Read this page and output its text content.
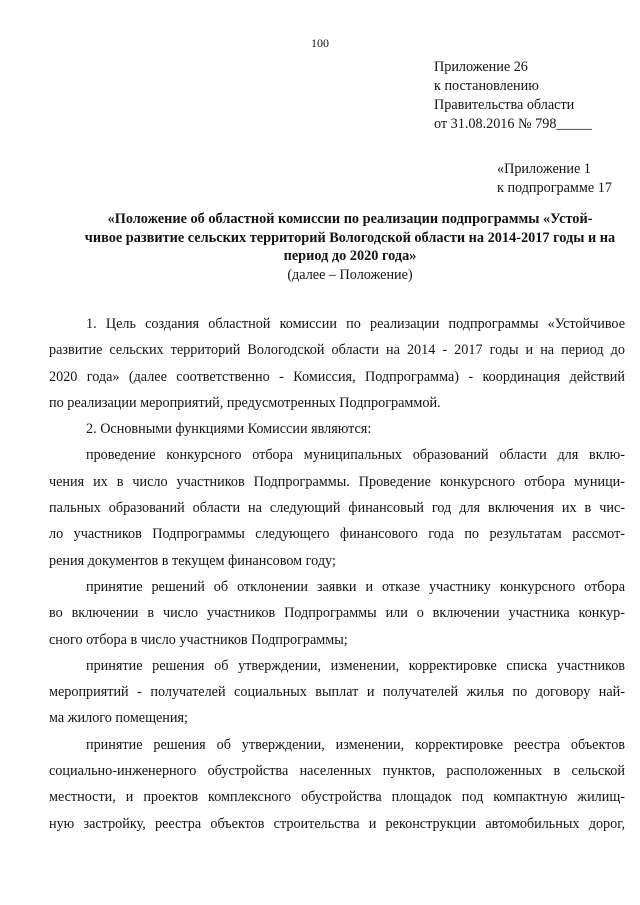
100
Приложение 26
к постановлению
Правительства области
от 31.08.2016 № 798_____
«Приложение 1
к подпрограмме 17
«Положение об областной комиссии по реализации подпрограммы «Устой-
чивое развитие сельских территорий Вологодской области на 2014-2017 годы и на
период до 2020 года»
(далее – Положение)
1. Цель создания областной комиссии по реализации подпрограммы «Устойчивое
развитие сельских территорий Вологодской области на 2014 - 2017 годы и на период до
2020 года» (далее соответственно - Комиссия, Подпрограмма) - координация действий
по реализации мероприятий, предусмотренных Подпрограммой.
2. Основными функциями Комиссии являются:
проведение конкурсного отбора муниципальных образований области для вклю-
чения их в число участников Подпрограммы. Проведение конкурсного отбора муници-
пальных образований области на следующий финансовый год для включения их в чис-
ло участников Подпрограммы следующего финансового года по результатам рассмот-
рения документов в текущем финансовом году;
принятие решений об отклонении заявки и отказе участнику конкурсного отбора
во включении в число участников Подпрограммы или о включении участника конкур-
сного отбора в число участников Подпрограммы;
принятие решения об утверждении, изменении, корректировке списка участников
мероприятий - получателей социальных выплат и получателей жилья по договору най-
ма жилого помещения;
принятие решения об утверждении, изменении, корректировке реестра объектов
социально-инженерного обустройства населенных пунктов, расположенных в сельской
местности, и проектов комплексного обустройства площадок под компактную жилищ-
ную застройку, реестра объектов строительства и реконструкции автомобильных дорог,
